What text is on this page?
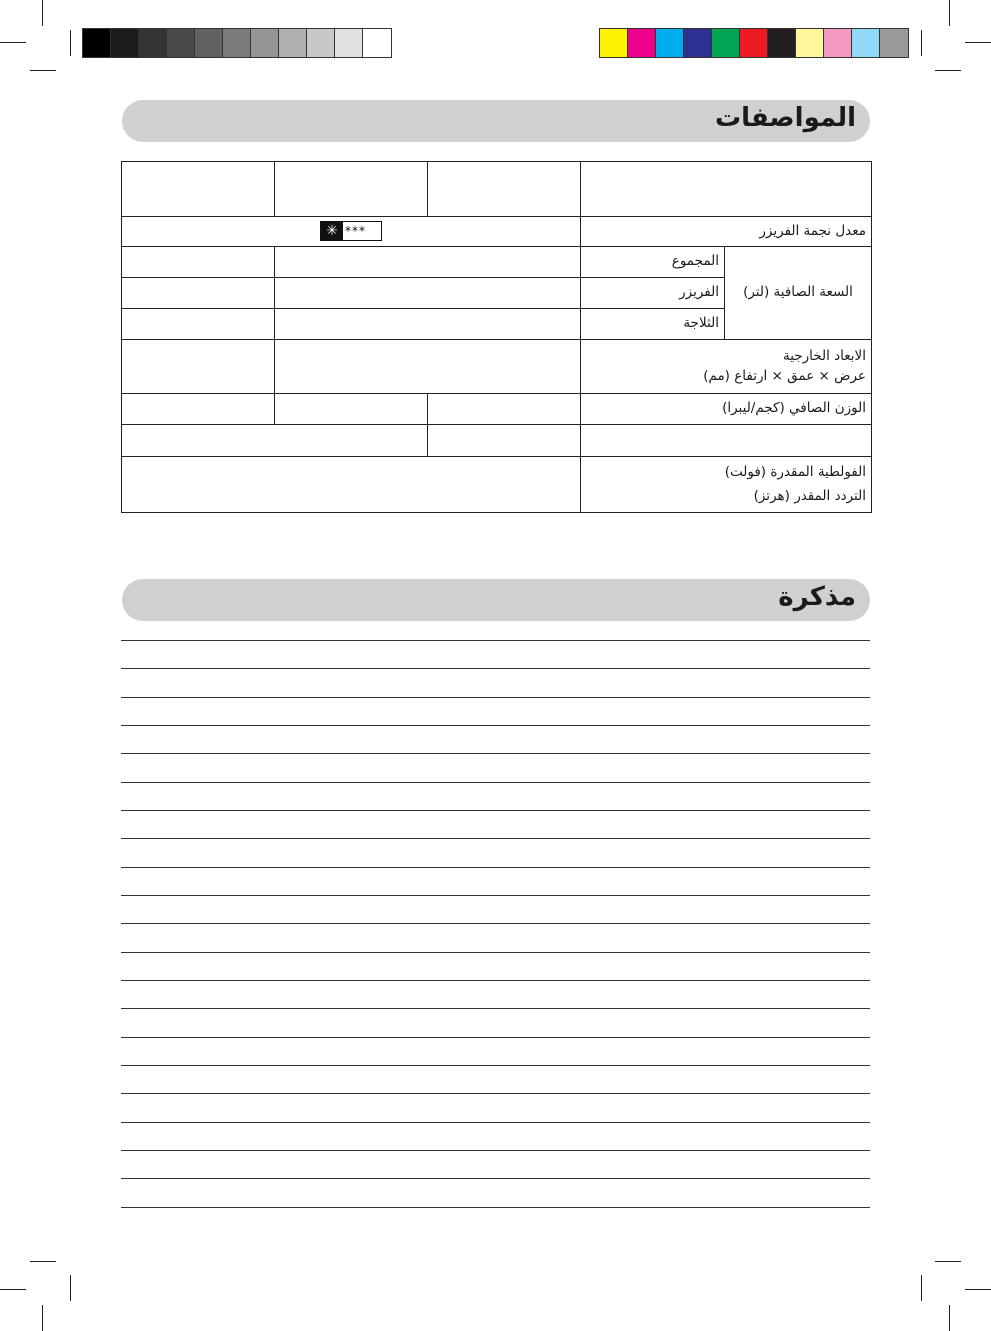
المواصفات

✳ ***			معدل نجمة الفريزر	
			المجموع	السعة الصافية (لتر)
			الفريزر	
			الثلاجة	

			الابعاد الخارجية
عرض × عمق × ارتفاع (مم)	

			الوزن الصافي (كجم/ليبرا)	

			الفولطية المقدرة (فولت)
التردد المقدر (هرتز)	
مذكرة
